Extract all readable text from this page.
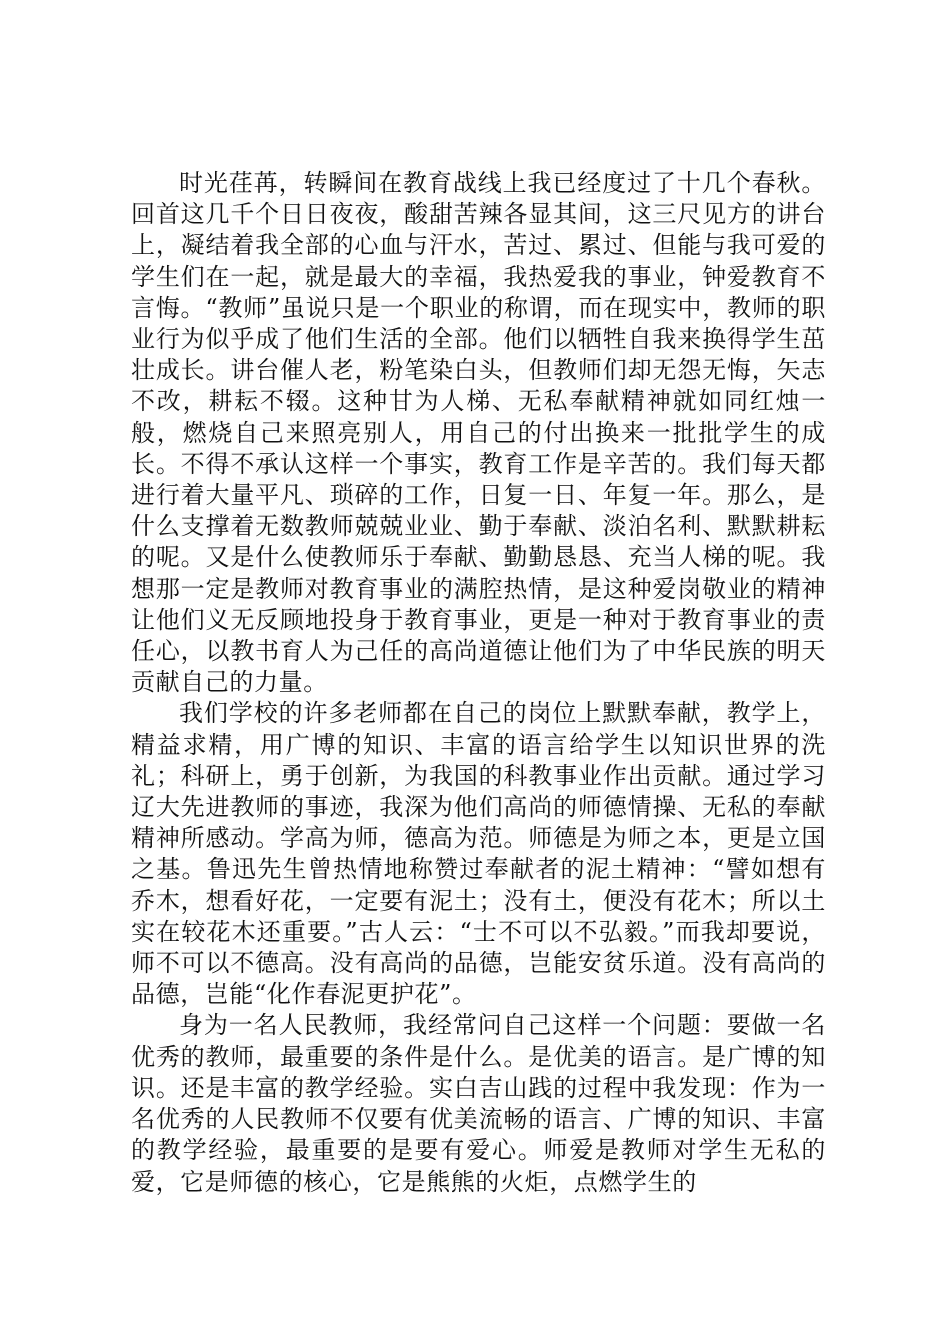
时光荏苒，转瞬间在教育战线上我已经度过了十几个春秋。回首这几千个日日夜夜，酸甜苦辣各显其间，这三尺见方的讲台上，凝结着我全部的心血与汗水，苦过、累过、但能与我可爱的学生们在一起，就是最大的幸福，我热爱我的事业，钟爱教育不言悔。“教师”虽说只是一个职业的称谓，而在现实中，教师的职业行为似乎成了他们生活的全部。他们以牺牲自我来换得学生茁壮成长。讲台催人老，粉笔染白头，但教师们却无怨无悔，矢志不改，耕耘不辍。这种甘为人梯、无私奉献精神就如同红烛一般，燃烧自己来照亮别人，用自己的付出换来一批批学生的成长。不得不承认这样一个事实，教育工作是辛苦的。我们每天都进行着大量平凡、琐碎的工作，日复一日、年复一年。那么，是什么支撑着无数教师兢兢业业、勤于奉献、淡泊名利、默默耕耘的呢。又是什么使教师乐于奉献、勤勤恳恳、充当人梯的呢。我想那一定是教师对教育事业的满腔热情，是这种爱岗敬业的精神让他们义无反顾地投身于教育事业，更是一种对于教育事业的责任心，以教书育人为己任的高尚道德让他们为了中华民族的明天贡献自己的力量。

我们学校的许多老师都在自己的岗位上默默奉献，教学上，精益求精，用广博的知识、丰富的语言给学生以知识世界的洗礼；科研上，勇于创新，为我国的科教事业作出贡献。通过学习辽大先进教师的事迹，我深为他们高尚的师德情操、无私的奉献精神所感动。学高为师，德高为范。师德是为师之本，更是立国之基。鲁迅先生曾热情地称赞过奉献者的泥土精神：“譬如想有乔木，想看好花，一定要有泥土；没有土，便没有花木；所以土实在较花木还重要。”古人云：“士不可以不弘毅。”而我却要说，师不可以不德高。没有高尚的品德，岂能安贫乐道。没有高尚的品德，岂能“化作春泥更护花”。

身为一名人民教师，我经常问自己这样一个问题：要做一名优秀的教师，最重要的条件是什么。是优美的语言。是广博的知识。还是丰富的教学经验。实白吉山践的过程中我发现：作为一名优秀的人民教师不仅要有优美流畅的语言、广博的知识、丰富的教学经验，最重要的是要有爱心。师爱是教师对学生无私的爱，它是师德的核心，它是熊熊的火炬，点燃学生的
